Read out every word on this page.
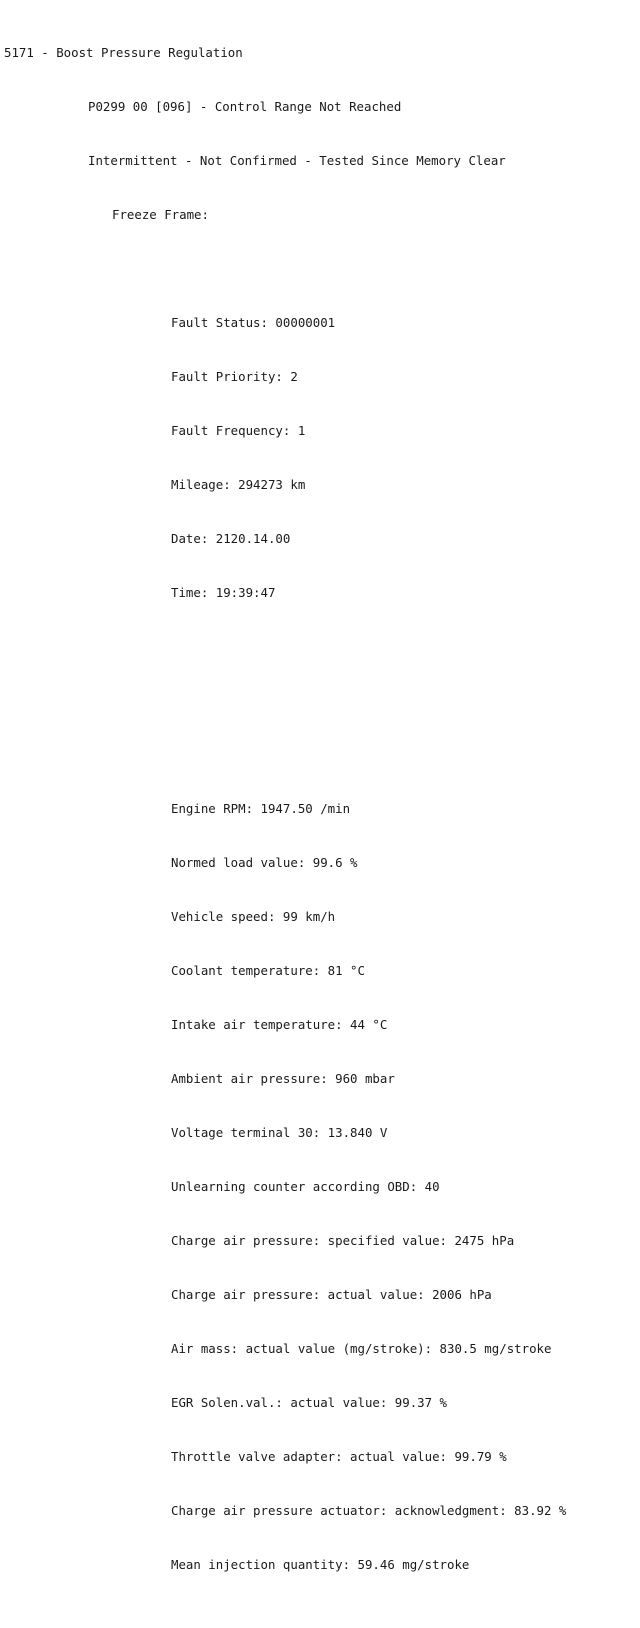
5171 - Boost Pressure Regulation

P0299 00 [096] - Control Range Not Reached

Intermittent - Not Confirmed - Tested Since Memory Clear

Freeze Frame:

Fault Status: 00000001

Fault Priority: 2

Fault Frequency: 1

Mileage: 294273 km

Date: 2120.14.00

Time: 19:39:47

Engine RPM: 1947.50 /min

Normed load value: 99.6 %

Vehicle speed: 99 km/h

Coolant temperature: 81 °C

Intake air temperature: 44 °C

Ambient air pressure: 960 mbar

Voltage terminal 30: 13.840 V

Unlearning counter according OBD: 40

Charge air pressure: specified value: 2475 hPa

Charge air pressure: actual value: 2006 hPa

Air mass: actual value (mg/stroke): 830.5 mg/stroke

EGR Solen.val.: actual value: 99.37 %

Throttle valve adapter: actual value: 99.79 %

Charge air pressure actuator: acknowledgment: 83.92 %

Mean injection quantity: 59.46 mg/stroke
